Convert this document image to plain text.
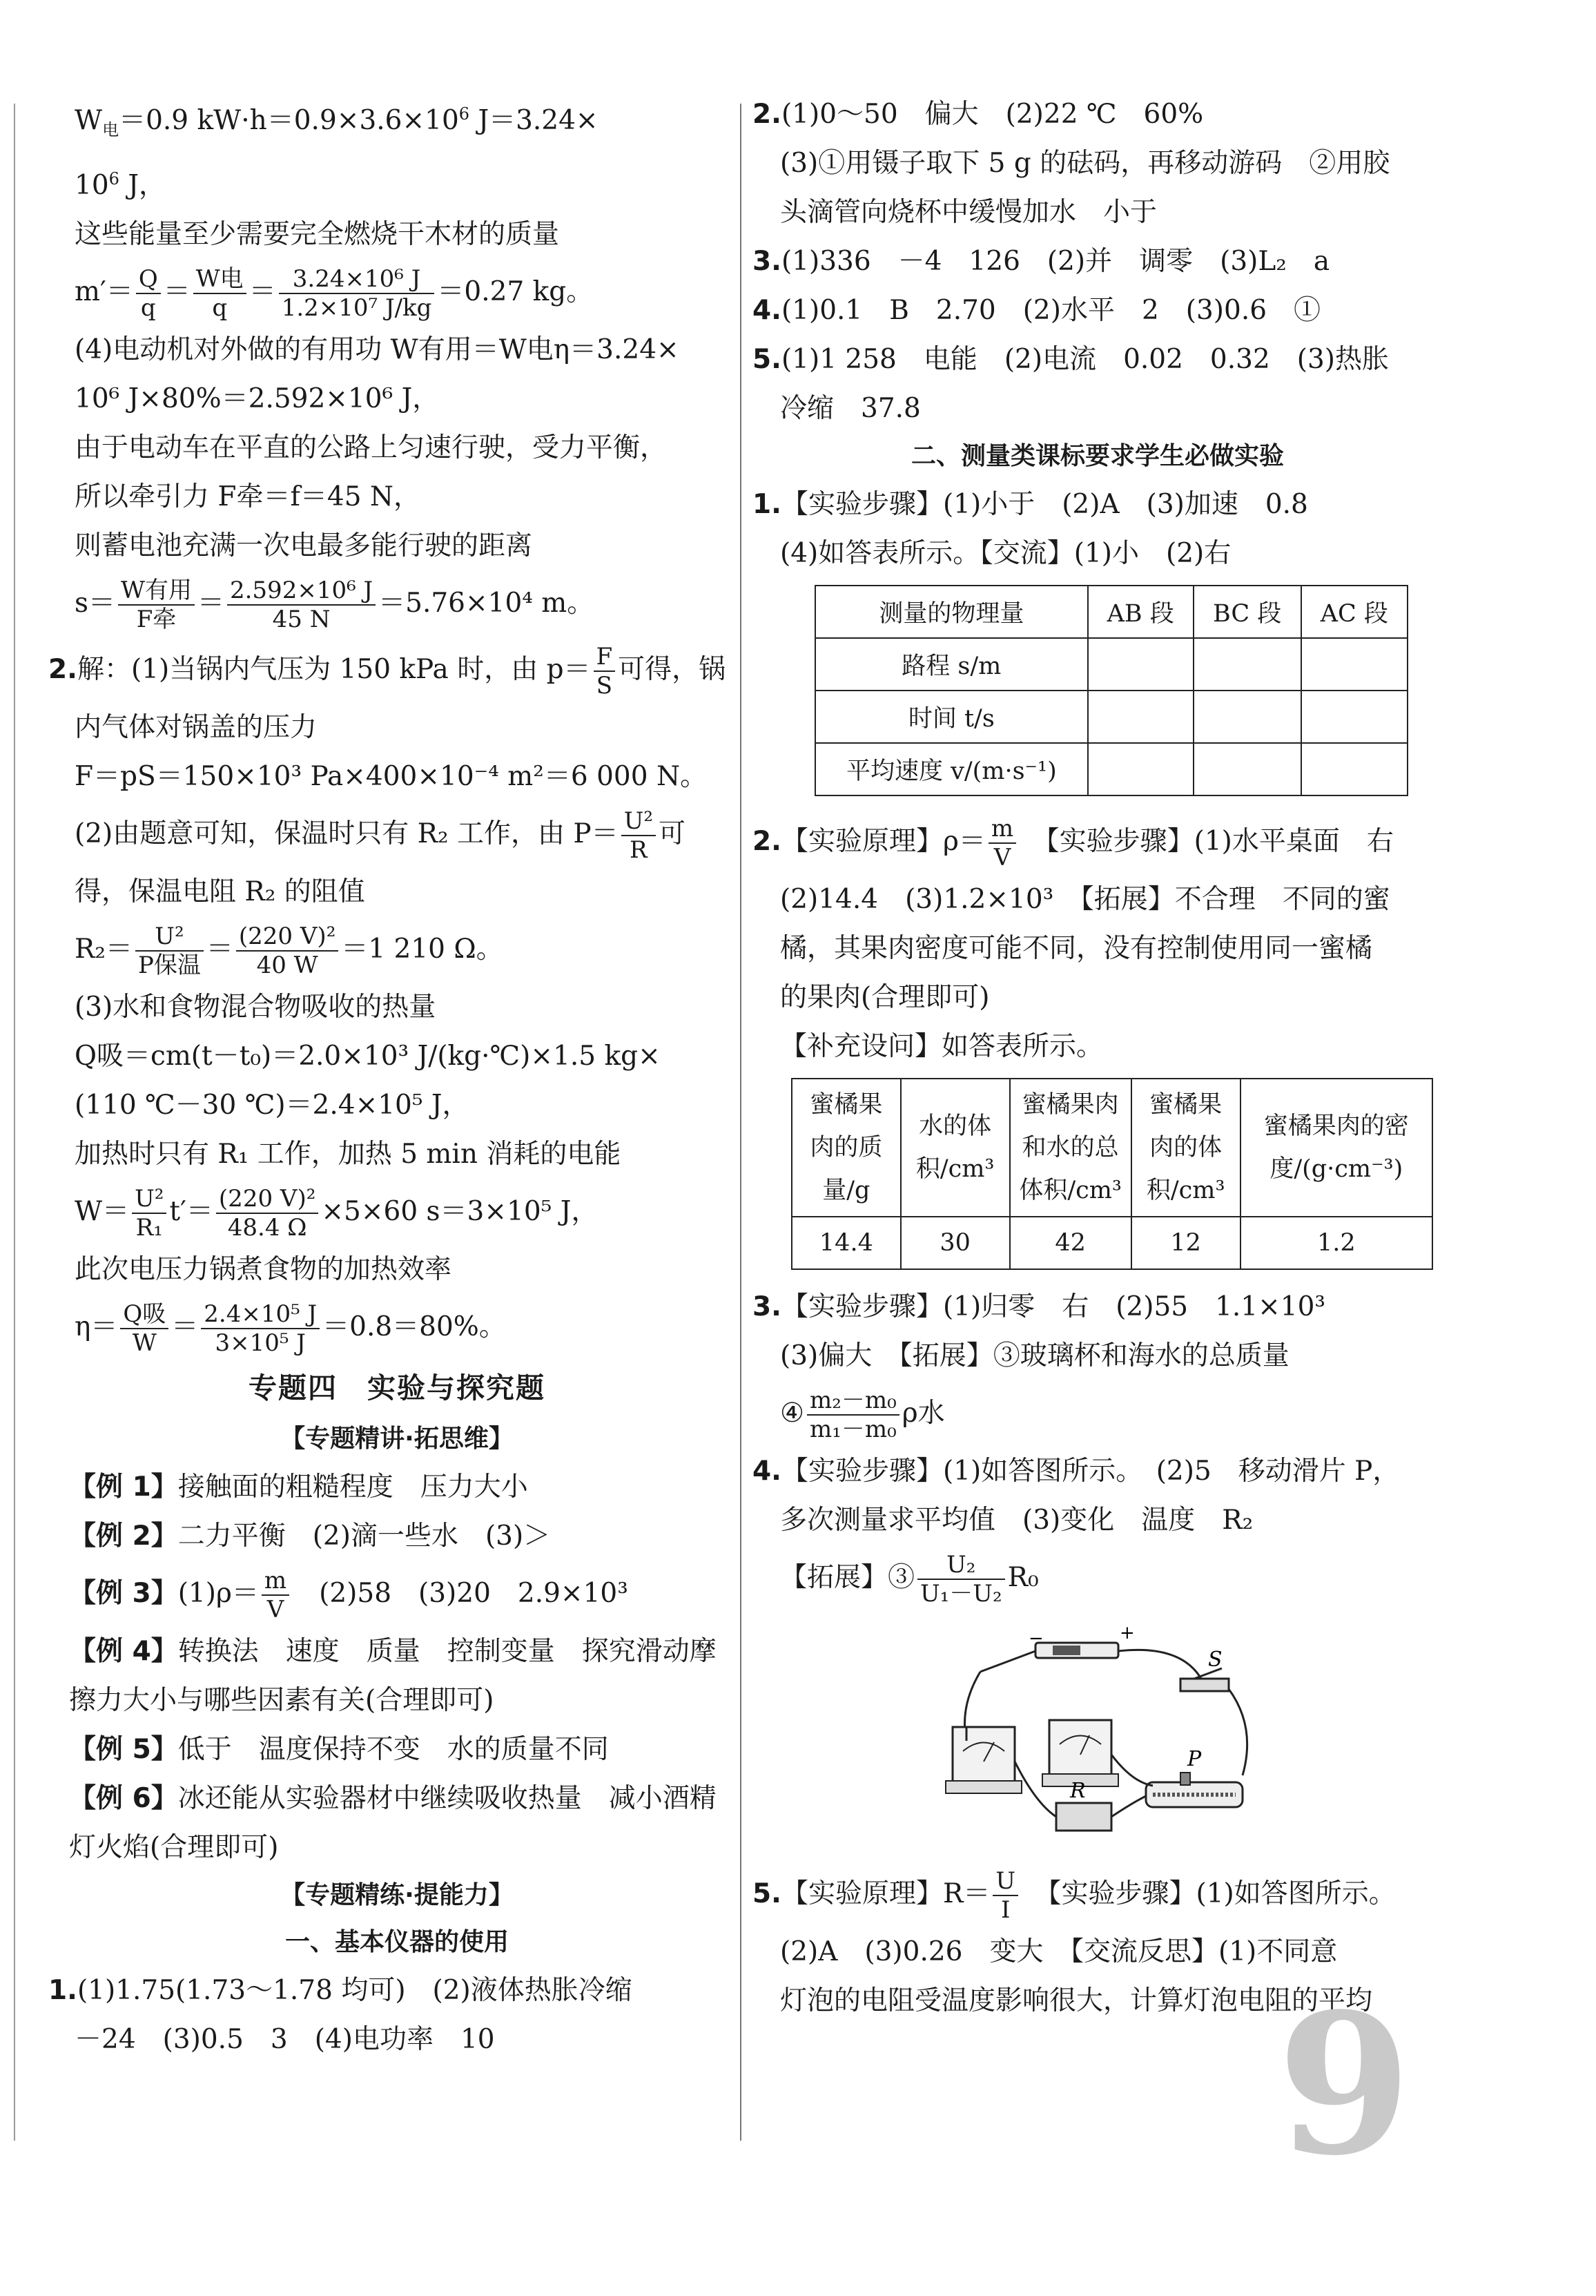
$W_电=0.9$ $kW\cdot h=0.9\times 3.6\times 10^6$ J＝3.24×
$10^6$ J，
这些能量至少需要完全燃烧干木材的质量
$m'= \frac{Q}{q} = \frac{\text{W电}}{q} = \frac{\text{3.24×10⁶ J}}{\text{1.2×10⁷ J/kg}} =0.27$ kg。
(4)电动机对外做的有用功 W有用＝W电η＝3.24×
10⁶ J×80%＝2.592×10⁶ J，
由于电动车在平直的公路上匀速行驶，受力平衡，
所以牵引力 F牵＝f＝45 N，
则蓄电池充满一次电最多能行驶的距离
$s= \frac{\text{W有用}}{\text{F牵}} = \frac{\text{2.592×10⁶ J}}{45 N} =5.76\times 10^4$ m。
2.解：(1)当锅内气压为 150 kPa 时，由 $p= \frac{F}{S}$ 可得，锅
内气体对锅盖的压力
F＝pS＝150×10³ Pa×400×10⁻⁴ m²＝6 000 N。
(2)由题意可知，保温时只有 R₂ 工作，由 $P= \frac{\text{U²}}{R}$ 可
得，保温电阻 R₂ 的阻值
$R_2= \frac{\text{U²}}{\text{P保温}} = \frac{\text{(220 V)²}}{40 W} =1$ 210 Ω。
(3)水和食物混合物吸收的热量
Q吸＝cm(t－t₀)＝2.0×10³ J/(kg·℃)×1.5 kg×
(110 ℃－30 ℃)＝2.4×10⁵ J，
加热时只有 R₁ 工作，加热 5 min 消耗的电能
$W= \frac{\text{U²}}{\text{R₁}} t'= \frac{\text{(220 V)²}}{48.4 \Omega} \times 5\times 60$ s＝3×10⁵ J，
此次电压力锅煮食物的加热效率
$\eta= \frac{\text{Q吸}}{W} = \frac{\text{2.4×10⁵ J}}{\text{3×10⁵ J}} =0.8=80\%$。
专题四　实验与探究题
【专题精讲·拓思维】
【例 1】接触面的粗糙程度　压力大小
【例 2】二力平衡　(2)滴一些水　(3)＞
【例 3】$(1)\rho= \frac{m}{V}$ 　(2)58　(3)20　2.9×10³
【例 4】转换法　速度　质量　控制变量　探究滑动摩
擦力大小与哪些因素有关(合理即可)
【例 5】低于　温度保持不变　水的质量不同
【例 6】冰还能从实验器材中继续吸收热量　减小酒精
灯火焰(合理即可)
【专题精练·提能力】
一、基本仪器的使用
1.(1)1.75(1.73～1.78 均可)　(2)液体热胀冷缩
－24　(3)0.5　3　(4)电功率　10
2.(1)0～50　偏大　(2)22 ℃　60%
(3)①用镊子取下 5 g 的砝码，再移动游码　②用胶
头滴管向烧杯中缓慢加水　小于
3.(1)336　－4　126　(2)并　调零　(3)L₂　a
4.(1)0.1　B　2.70　(2)水平　2　(3)0.6　①
5.(1)1 258　电能　(2)电流　0.02　0.32　(3)热胀
冷缩　37.8
二、测量类课标要求学生必做实验
1.【实验步骤】(1)小于　(2)A　(3)加速　0.8
(4)如答表所示。【交流】(1)小　(2)右
测量的物理量	AB 段	BC 段	AC 段
路程 s/m			
时间 t/s			
平均速度 v/(m·s⁻¹)			
2.【实验原理】$\rho= \frac{m}{V}$ 　【实验步骤】(1)水平桌面　右
(2)14.4　(3)1.2×10³　【拓展】不合理　不同的蜜
橘，其果肉密度可能不同，没有控制使用同一蜜橘
的果肉(合理即可)
【补充设问】如答表所示。
蜜橘果肉的质量/g	水的体积/cm³	蜜橘果肉和水的总体积/cm³	蜜橘果肉的体积/cm³	蜜橘果肉的密度/(g·cm⁻³)
14.4	30	42	12	1.2
3.【实验步骤】(1)归零　右　(2)55　1.1×10³
(3)偏大　【拓展】③玻璃杯和海水的总质量
④ $\frac{\text{m₂－m₀}}{\text{m₁－m₀}}$ ρ水
4.【实验步骤】(1)如答图所示。　(2)5　移动滑片 P，
多次测量求平均值　(3)变化　温度　R₂
【拓展】③ $\frac{\text{U₂}}{\text{U₁－U₂}} R_0$
−	+
S
R
P
5.【实验原理】$R= \frac{U}{I}$ 　【实验步骤】(1)如答图所示。
(2)A　(3)0.26　变大　【交流反思】(1)不同意
灯泡的电阻受温度影响很大，计算灯泡电阻的平均
9
